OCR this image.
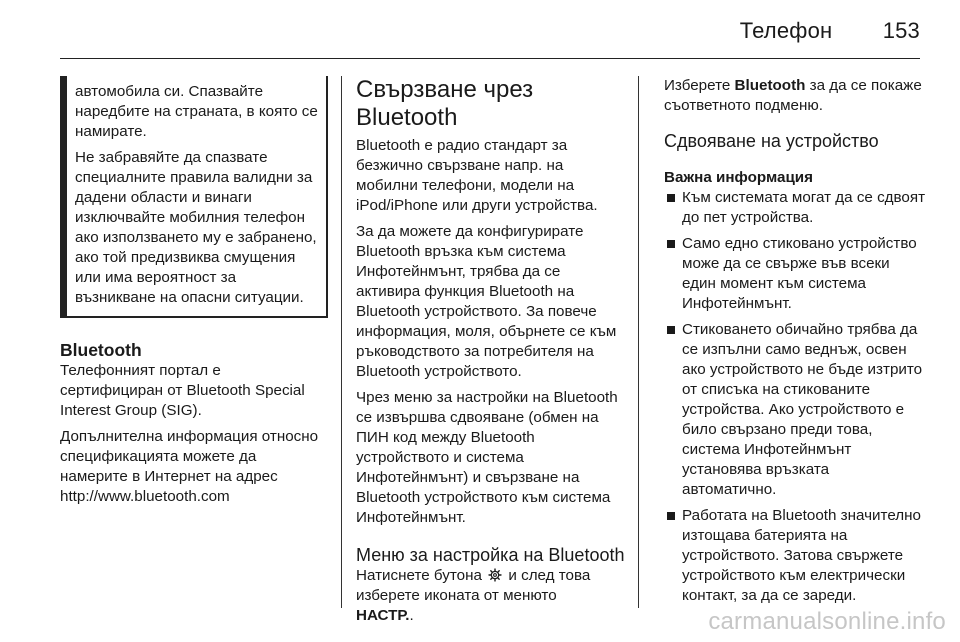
Телефон 153

автомобила си. Спазвайте наредбите на страната, в която се намирате.

Не забравяйте да спазвате специалните правила валидни за дадени области и винаги изключвайте мобилния телефон ако използването му е забранено, ако той предизвиква смущения или има вероятност за възникване на опасни ситуации.

Bluetooth

Телефонният портал е сертифициран от Bluetooth Special Interest Group (SIG).

Допълнителна информация относно спецификацията можете да намерите в Интернет на адрес http://www.bluetooth.com

Свързване чрез Bluetooth

Bluetooth е радио стандарт за безжично свързване напр. на мобилни телефони, модели на iPod/iPhone или други устройства.

За да можете да конфигурирате Bluetooth връзка към система Инфотейнмънт, трябва да се активира функция Bluetooth на Bluetooth устройството. За повече информация, моля, обърнете се към ръководството за потребителя на Bluetooth устройството.

Чрез меню за настройки на Bluetooth се извършва сдвояване (обмен на ПИН код между Bluetooth устройството и система Инфотейнмънт) и свързване на Bluetooth устройството към система Инфотейнмънт.

Меню за настройка на Bluetooth

Натиснете бутона и след това изберете иконата от менюто
НАСТР..

Изберете Bluetooth за да се покаже съответното подменю.

Сдвояване на устройство
Важна информация
Към системата могат да се сдвоят до пет устройства.
Само едно стиковано устройство може да се свърже във всеки един момент към система Инфотейнмънт.
Стиковането обичайно трябва да се изпълни само веднъж, освен ако устройството не бъде изтрито от списъка на стикованите устройства. Ако устройството е било свързано преди това, система Инфотейнмънт установява връзката автоматично.
Работата на Bluetooth значително изтощава батерията на устройството. Затова свържете устройството към електрически контакт, за да се зареди.
carmanualsonline.info
